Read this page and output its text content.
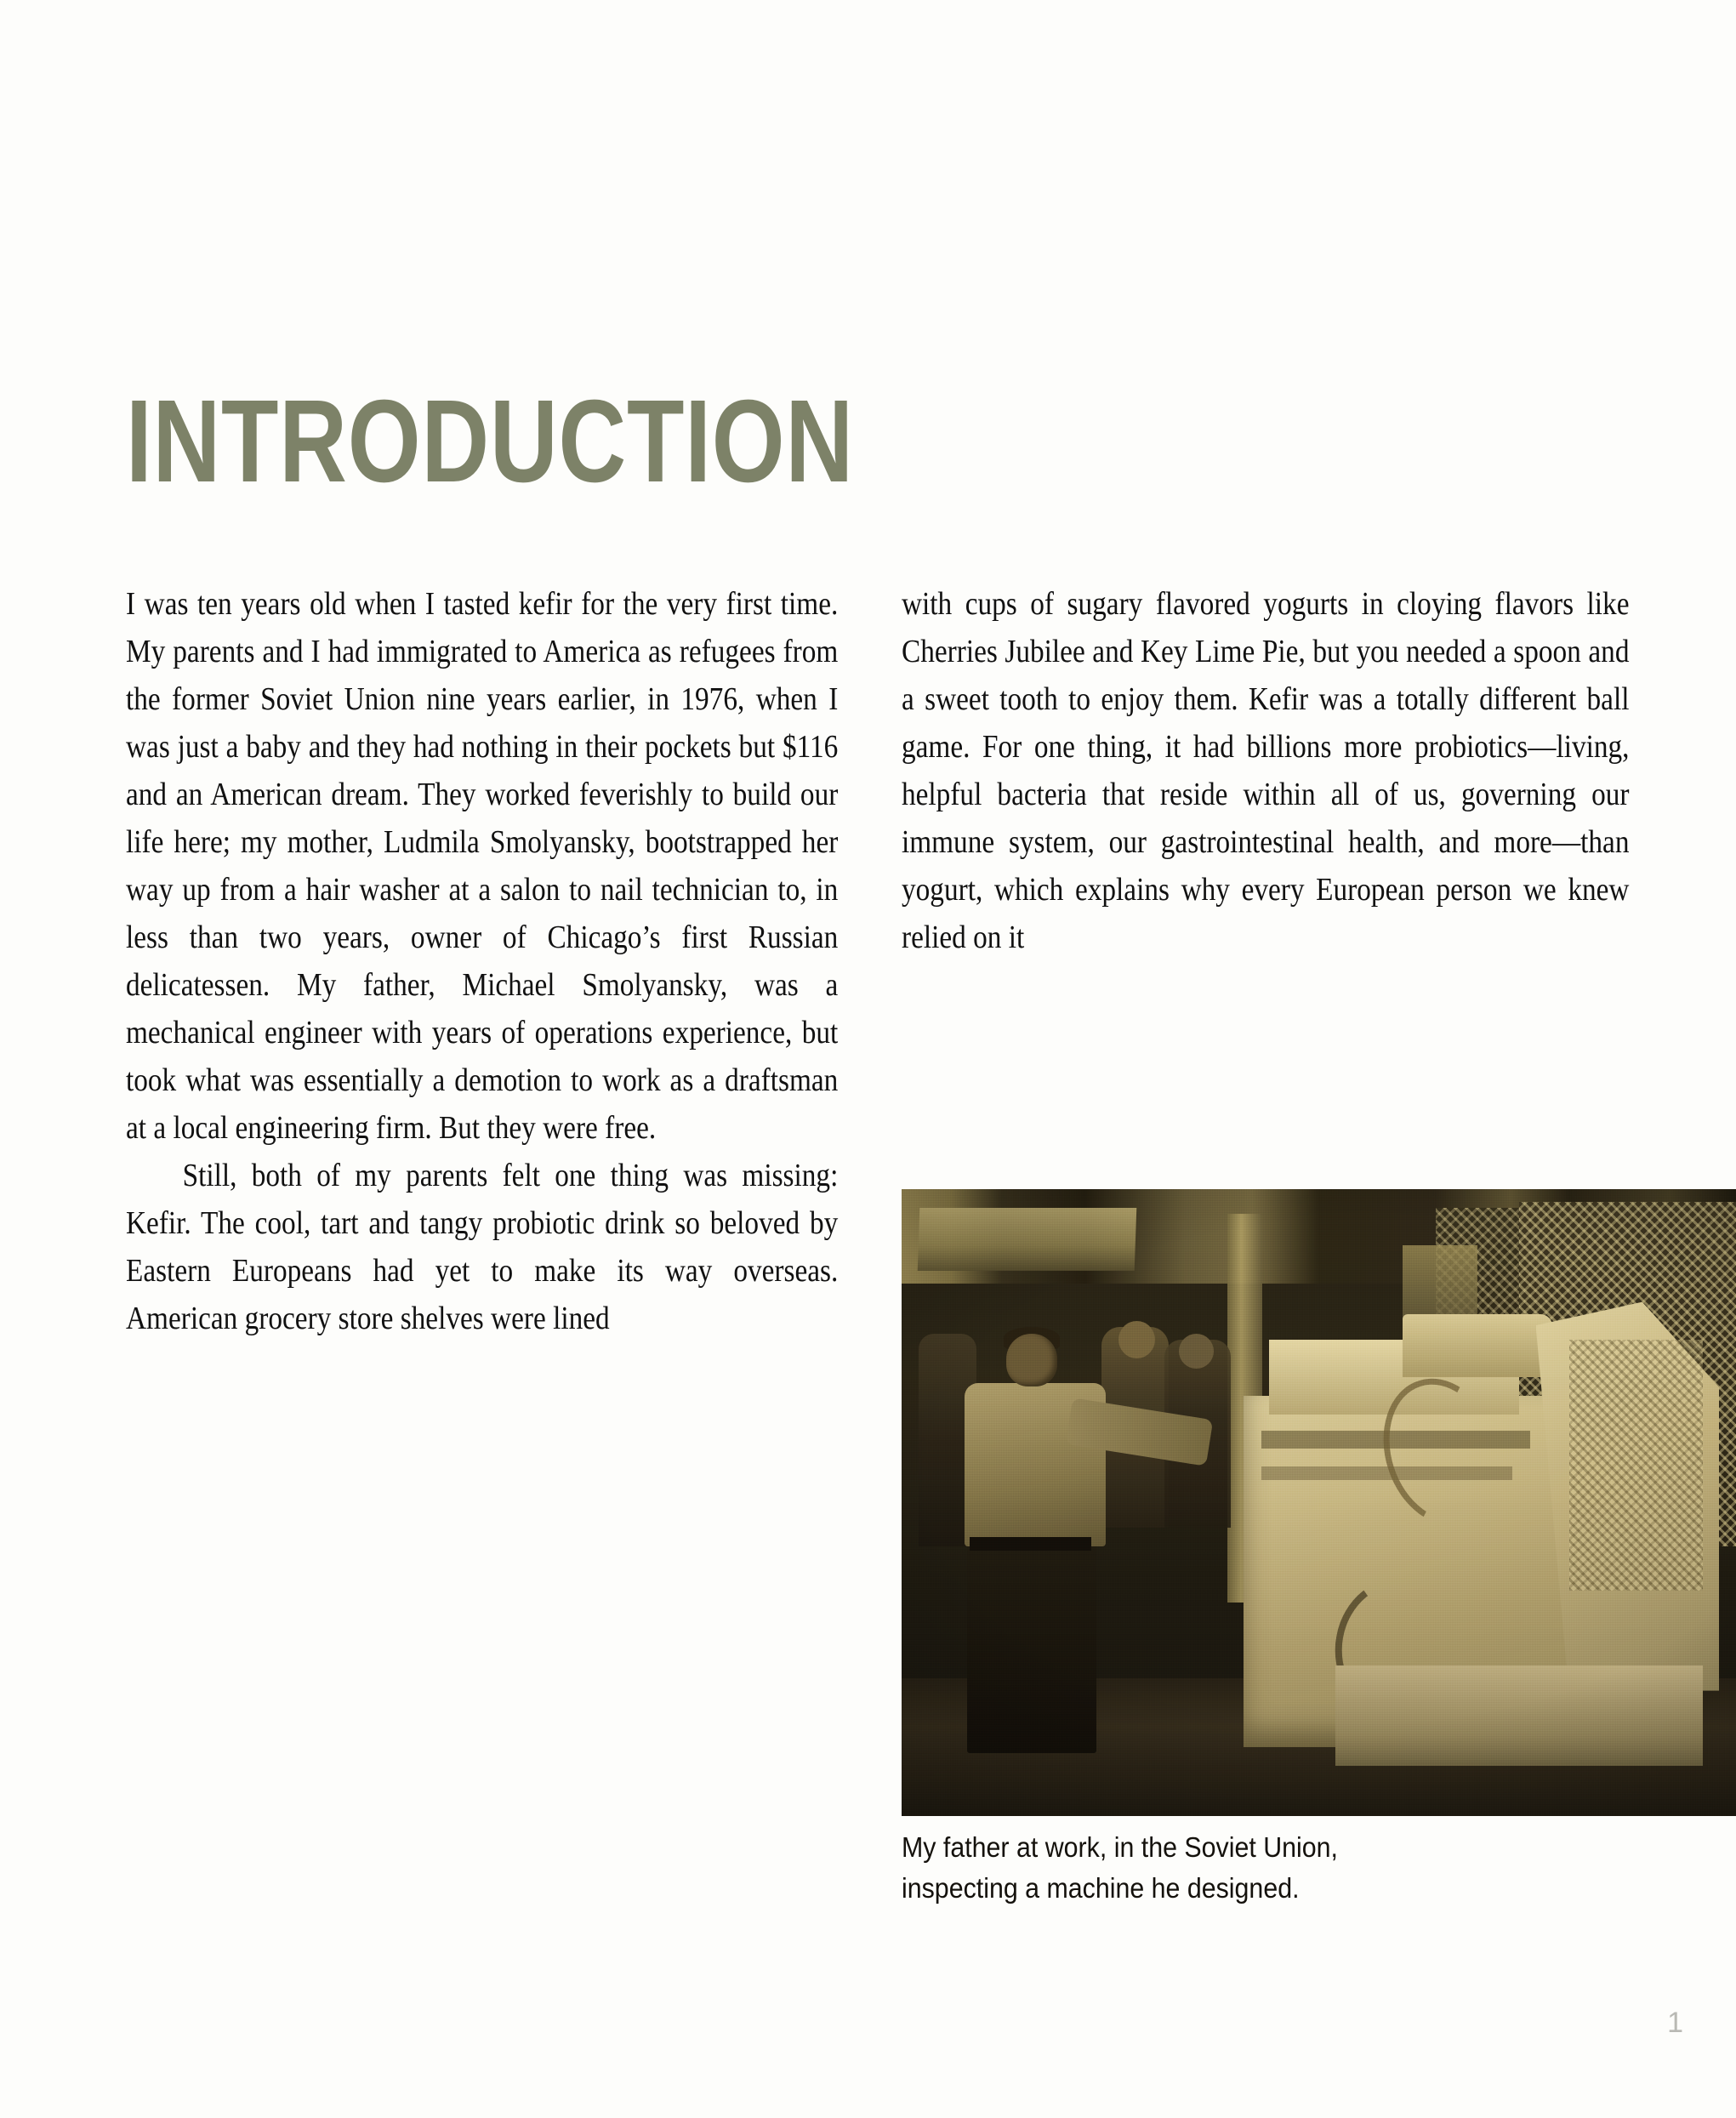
INTRODUCTION

I was ten years old when I tasted kefir for the very first time. My parents and I had immigrated to America as refugees from the former Soviet Union nine years earlier, in 1976, when I was just a baby and they had nothing in their pockets but $116 and an American dream. They worked feverishly to build our life here; my mother, Ludmila Smolyansky, bootstrapped her way up from a hair washer at a salon to nail technician to, in less than two years, owner of Chicago’s first Russian delicatessen. My father, Michael Smolyansky, was a mechanical engineer with years of operations experience, but took what was essentially a demotion to work as a draftsman at a local engineering firm. But they were free.

Still, both of my parents felt one thing was missing: Kefir. The cool, tart and tangy probiotic drink so beloved by Eastern Europeans had yet to make its way overseas. American grocery store shelves were lined

with cups of sugary flavored yogurts in cloying flavors like Cherries Jubilee and Key Lime Pie, but you needed a spoon and a sweet tooth to enjoy them. Kefir was a totally different ball game. For one thing, it had billions more probiotics—living, helpful bacteria that reside within all of us, governing our immune system, our gastrointestinal health, and more—than yogurt, which explains why every European person we knew relied on it

My father at work, in the Soviet Union,
inspecting a machine he designed.
1
